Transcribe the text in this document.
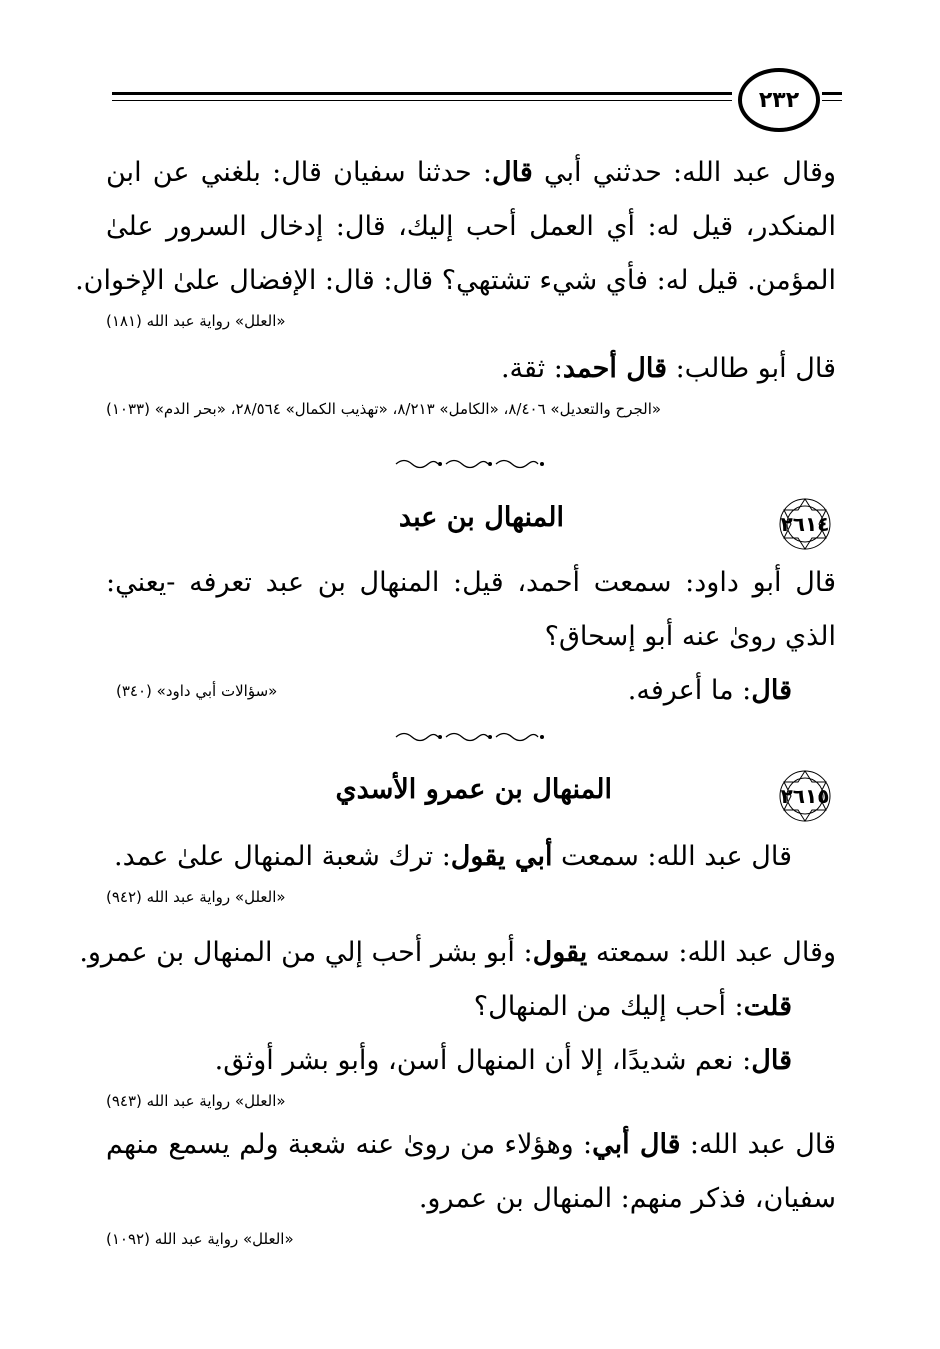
٢٣٢
وقال عبد الله: حدثني أبي قال: حدثنا سفيان قال: بلغني عن ابن
المنكدر، قيل له: أي العمل أحب إليك، قال: إدخال السرور علىٰ
المؤمن. قيل له: فأي شيء تشتهي؟ قال: قال: الإفضال علىٰ الإخوان.
«العلل» رواية عبد الله (١٨١)
قال أبو طالب: قال أحمد: ثقة.
«الجرح والتعديل» ٨/٤٠٦، «الكامل» ٨/٢١٣، «تهذيب الكمال» ٢٨/٥٦٤، «بحر الدم» (١٠٣٣)
٢٦١٤
المنهال بن عبد
قال أبو داود: سمعت أحمد، قيل: المنهال بن عبد تعرفه -يعني:
الذي روىٰ عنه أبو إسحاق؟
قال: ما أعرفه.
«سؤالات أبي داود» (٣٤٠)
٢٦١٥
المنهال بن عمرو الأسدي
قال عبد الله: سمعت أبي يقول: ترك شعبة المنهال علىٰ عمد.
«العلل» رواية عبد الله (٩٤٢)
وقال عبد الله: سمعته يقول: أبو بشر أحب إلي من المنهال بن عمرو.
قلت: أحب إليك من المنهال؟
قال: نعم شديدًا، إلا أن المنهال أسن، وأبو بشر أوثق.
«العلل» رواية عبد الله (٩٤٣)
قال عبد الله: قال أبي: وهؤلاء من روىٰ عنه شعبة ولم يسمع منهم
سفيان، فذكر منهم: المنهال بن عمرو.
«العلل» رواية عبد الله (١٠٩٢)
